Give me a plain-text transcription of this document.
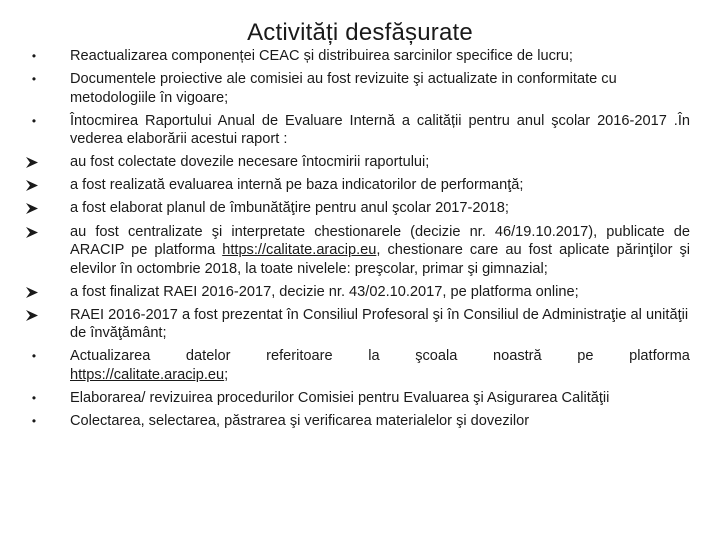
Activități desfășurate
•
Reactualizarea componenței CEAC și distribuirea sarcinilor specifice de lucru;
•
Documentele proiective ale comisiei au fost revizuite şi actualizate in conformitate cu metodologiile în vigoare;
•
Întocmirea Raportului Anual de Evaluare Internă a calității pentru anul şcolar 2016-2017 .În vederea elaborării acestui raport :
au fost colectate dovezile necesare întocmirii raportului;
a fost realizată evaluarea internă pe baza indicatorilor de performanţă;
a fost elaborat planul de îmbunătăţire pentru anul şcolar 2017-2018;
au fost centralizate şi interpretate chestionarele (decizie nr. 46/19.10.2017), publicate de ARACIP pe platforma https://calitate.aracip.eu, chestionare care au fost aplicate părinţilor şi elevilor în octombrie 2018, la toate nivelele: preşcolar, primar şi gimnazial;
a fost finalizat RAEI 2016-2017, decizie nr. 43/02.10.2017, pe platforma online;
RAEI 2016-2017 a fost prezentat în Consiliul Profesoral şi în Consiliul de Administraţie al unităţii de învăţământ;
•
Actualizarea datelor referitoare la şcoala noastră pe platforma
https://calitate.aracip.eu;
•
Elaborarea/ revizuirea procedurilor Comisiei pentru Evaluarea şi Asigurarea Calităţii
•
Colectarea, selectarea, păstrarea şi verificarea materialelor şi dovezilor
